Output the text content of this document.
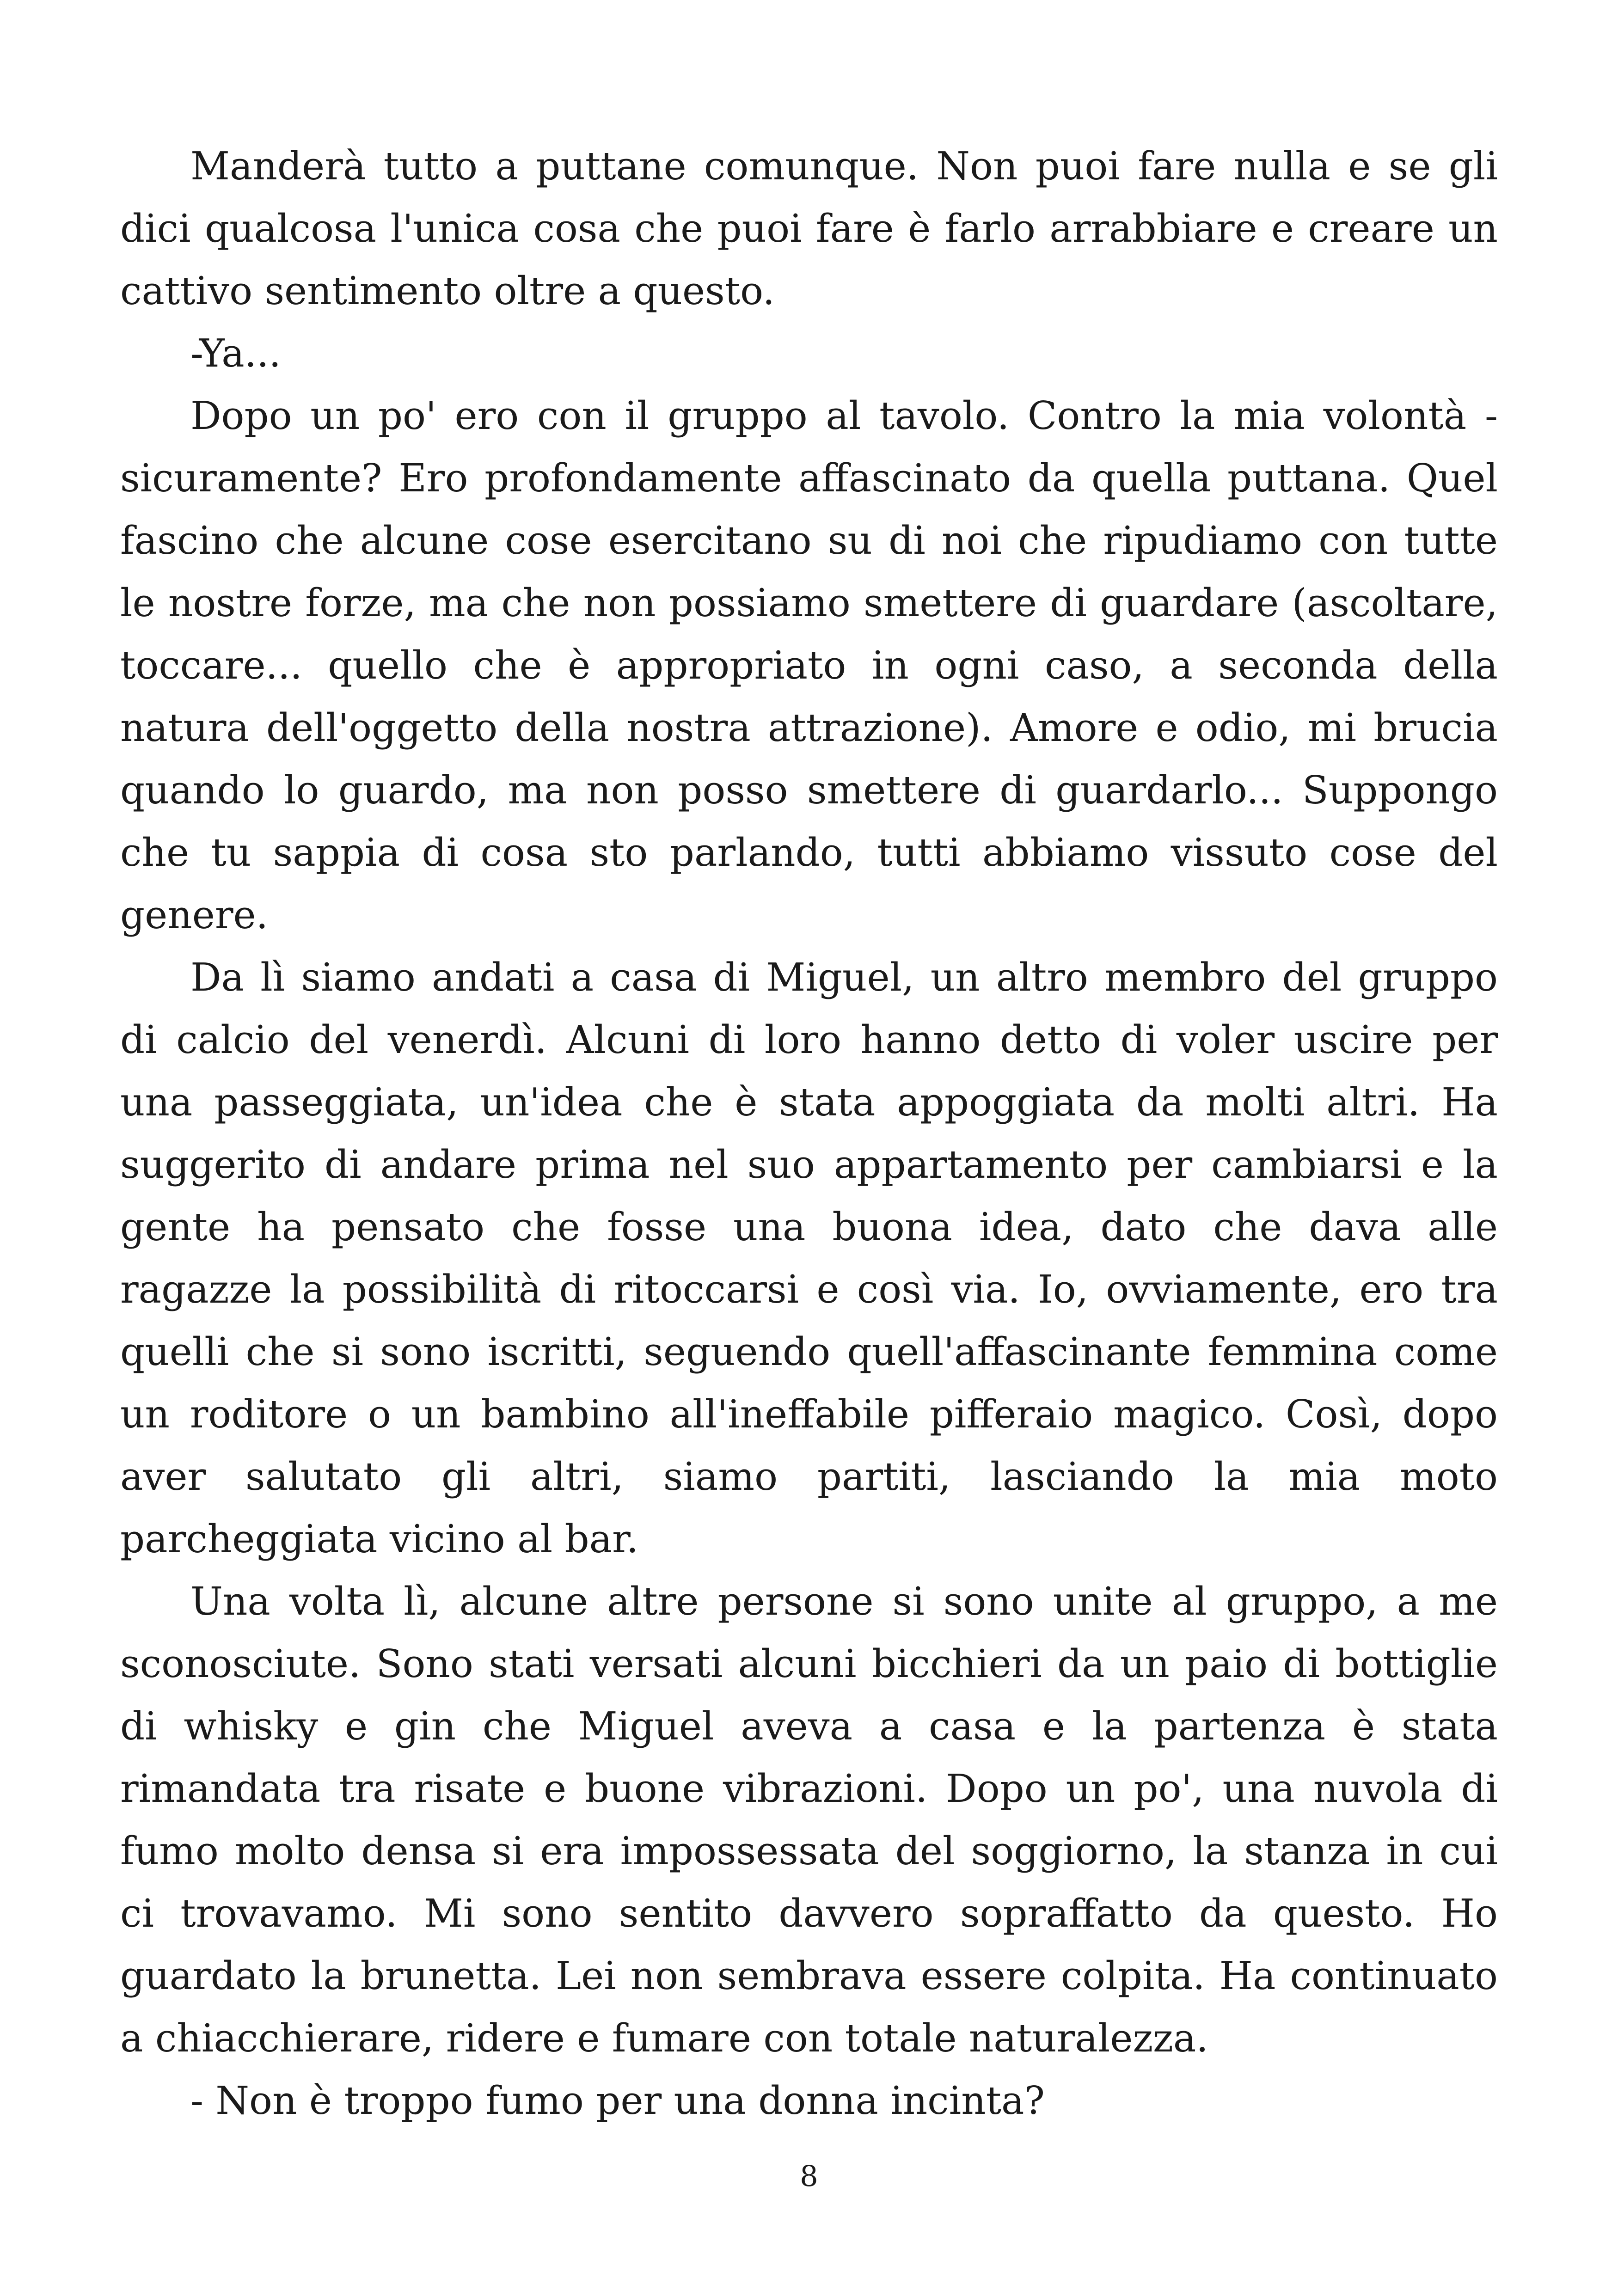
Manderà tutto a puttane comunque. Non puoi fare nulla e se gli dici qualcosa l'unica cosa che puoi fare è farlo arrabbiare e creare un cattivo sentimento oltre a questo.

-Ya...

Dopo un po' ero con il gruppo al tavolo. Contro la mia volontà - sicuramente? Ero profondamente affascinato da quella puttana. Quel fascino che alcune cose esercitano su di noi che ripudiamo con tutte le nostre forze, ma che non possiamo smettere di guardare (ascoltare, toccare... quello che è appropriato in ogni caso, a seconda della natura dell'oggetto della nostra attrazione). Amore e odio, mi brucia quando lo guardo, ma non posso smettere di guardarlo... Suppongo che tu sappia di cosa sto parlando, tutti abbiamo vissuto cose del genere.

Da lì siamo andati a casa di Miguel, un altro membro del gruppo di calcio del venerdì. Alcuni di loro hanno detto di voler uscire per una passeggiata, un'idea che è stata appoggiata da molti altri. Ha suggerito di andare prima nel suo appartamento per cambiarsi e la gente ha pensato che fosse una buona idea, dato che dava alle ragazze la possibilità di ritoccarsi e così via. Io, ovviamente, ero tra quelli che si sono iscritti, seguendo quell'affascinante femmina come un roditore o un bambino all'ineffabile pifferaio magico. Così, dopo aver salutato gli altri, siamo partiti, lasciando la mia moto parcheggiata vicino al bar.

Una volta lì, alcune altre persone si sono unite al gruppo, a me sconosciute. Sono stati versati alcuni bicchieri da un paio di bottiglie di whisky e gin che Miguel aveva a casa e la partenza è stata rimandata tra risate e buone vibrazioni. Dopo un po', una nuvola di fumo molto densa si era impossessata del soggiorno, la stanza in cui ci trovavamo. Mi sono sentito davvero sopraffatto da questo. Ho guardato la brunetta. Lei non sembrava essere colpita. Ha continuato a chiacchierare, ridere e fumare con totale naturalezza.

- Non è troppo fumo per una donna incinta?

8
